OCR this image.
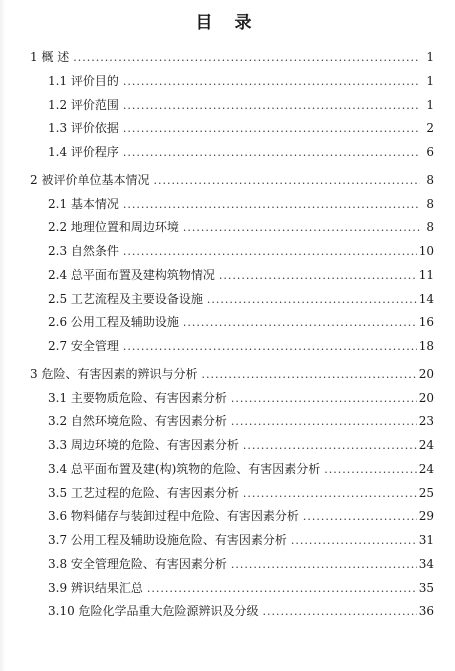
目 录
1 概 述 .....	1
1.1 评价目的 .....	1
1.2 评价范围 .....	1
1.3 评价依据 .....	2
1.4 评价程序 .....	6
2 被评价单位基本情况 .....	8
2.1 基本情况 .....	8
2.2 地理位置和周边环境 .....	8
2.3 自然条件 .....	10
2.4 总平面布置及建构筑物情况 .....	11
2.5 工艺流程及主要设备设施 .....	14
2.6 公用工程及辅助设施 .....	16
2.7 安全管理 .....	18
3 危险、有害因素的辨识与分析 .....	20
3.1 主要物质危险、有害因素分析 .....	20
3.2 自然环境危险、有害因素分析 .....	23
3.3 周边环境的危险、有害因素分析 .....	24
3.4 总平面布置及建(构)筑物的危险、有害因素分析 .....	24
3.5 工艺过程的危险、有害因素分析 .....	25
3.6 物料储存与装卸过程中危险、有害因素分析 .....	29
3.7 公用工程及辅助设施危险、有害因素分析 .....	31
3.8 安全管理危险、有害因素分析 .....	34
3.9 辨识结果汇总 .....	35
3.10 危险化学品重大危险源辨识及分级 .....	36
